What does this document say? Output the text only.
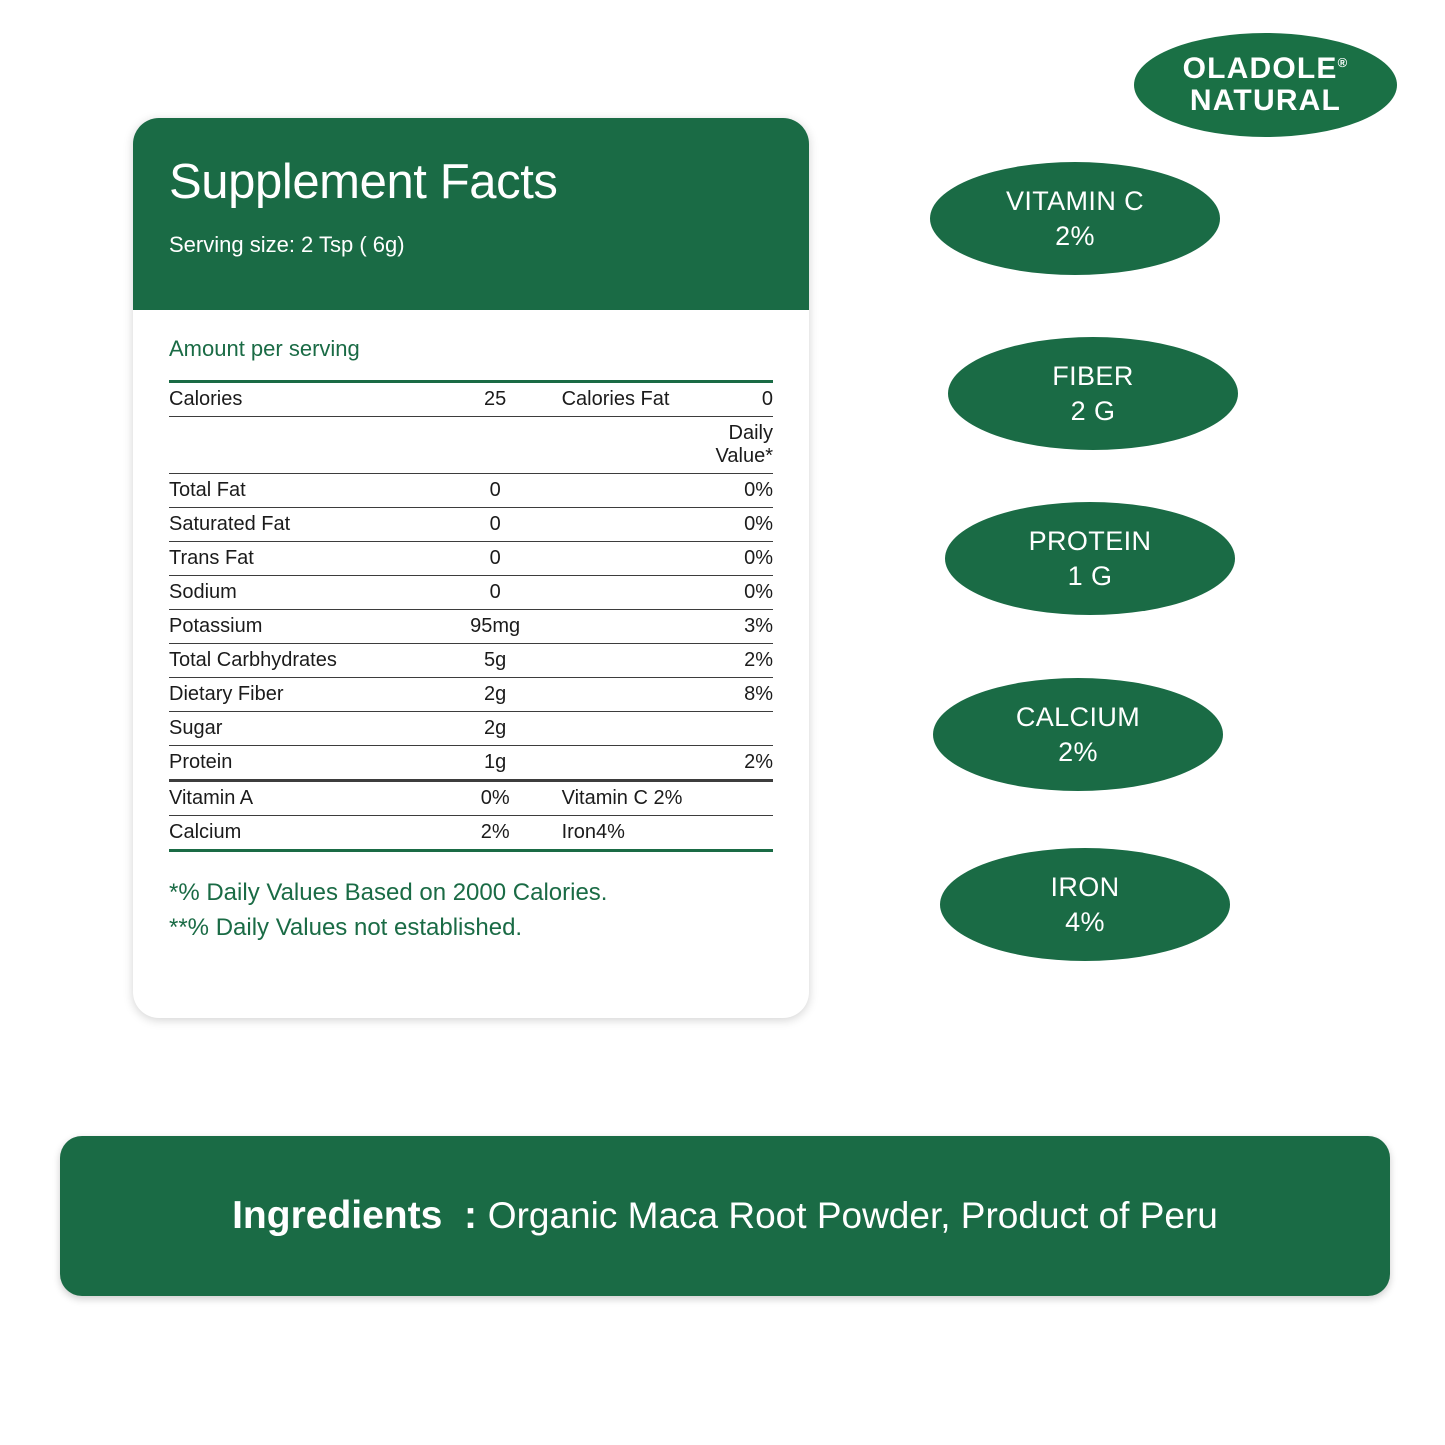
OLADOLE®
NATURAL
Supplement Facts
Serving size: 2 Tsp ( 6g)
Amount per serving
Calories	25	Calories Fat	0
			Daily Value*
Total Fat	0		0%
Saturated Fat	0		0%
Trans Fat	0		0%
Sodium	0		0%
Potassium	95mg		3%
Total Carbhydrates	5g		2%
Dietary Fiber	2g		8%
Sugar	2g		
Protein	1g		2%
Vitamin A	0%	Vitamin C 2%	
Calcium	2%	Iron4%	
*% Daily Values Based on 2000 Calories.
**% Daily Values not established.
VITAMIN C
2%
FIBER
2 G
PROTEIN
1 G
CALCIUM
2%
IRON
4%
Ingredients  : Organic Maca Root Powder, Product of Peru
